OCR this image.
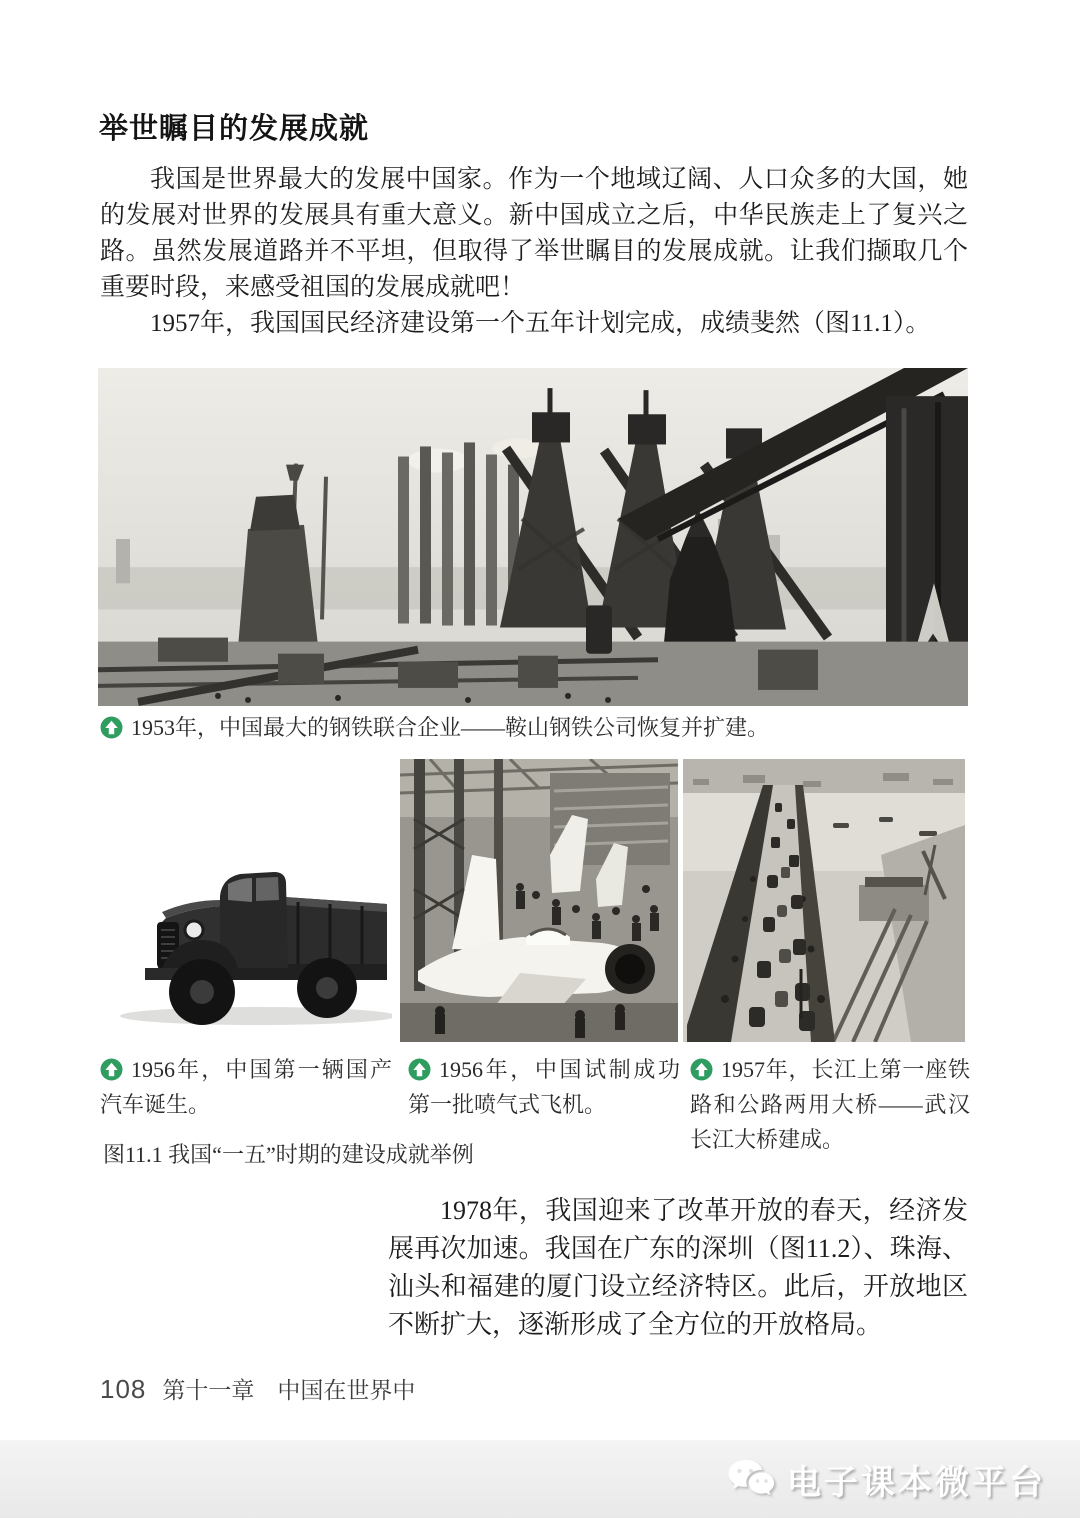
举世瞩目的发展成就

我国是世界最大的发展中国家。作为一个地域辽阔、人口众多的大国，她的发展对世界的发展具有重大意义。新中国成立之后，中华民族走上了复兴之路。虽然发展道路并不平坦，但取得了举世瞩目的发展成就。让我们撷取几个重要时段，来感受祖国的发展成就吧！

1957年，我国国民经济建设第一个五年计划完成，成绩斐然（图11.1）。

1953年，中国最大的钢铁联合企业——鞍山钢铁公司恢复并扩建。
1956年，中国第一辆国产汽车诞生。
1956年，中国试制成功第一批喷气式飞机。
1957年，长江上第一座铁路和公路两用大桥——武汉长江大桥建成。
图11.1 我国“一五”时期的建设成就举例

1978年，我国迎来了改革开放的春天，经济发展再次加速。我国在广东的深圳（图11.2）、珠海、汕头和福建的厦门设立经济特区。此后，开放地区不断扩大，逐渐形成了全方位的开放格局。

108 第十一章　中国在世界中
电子课本微平台
